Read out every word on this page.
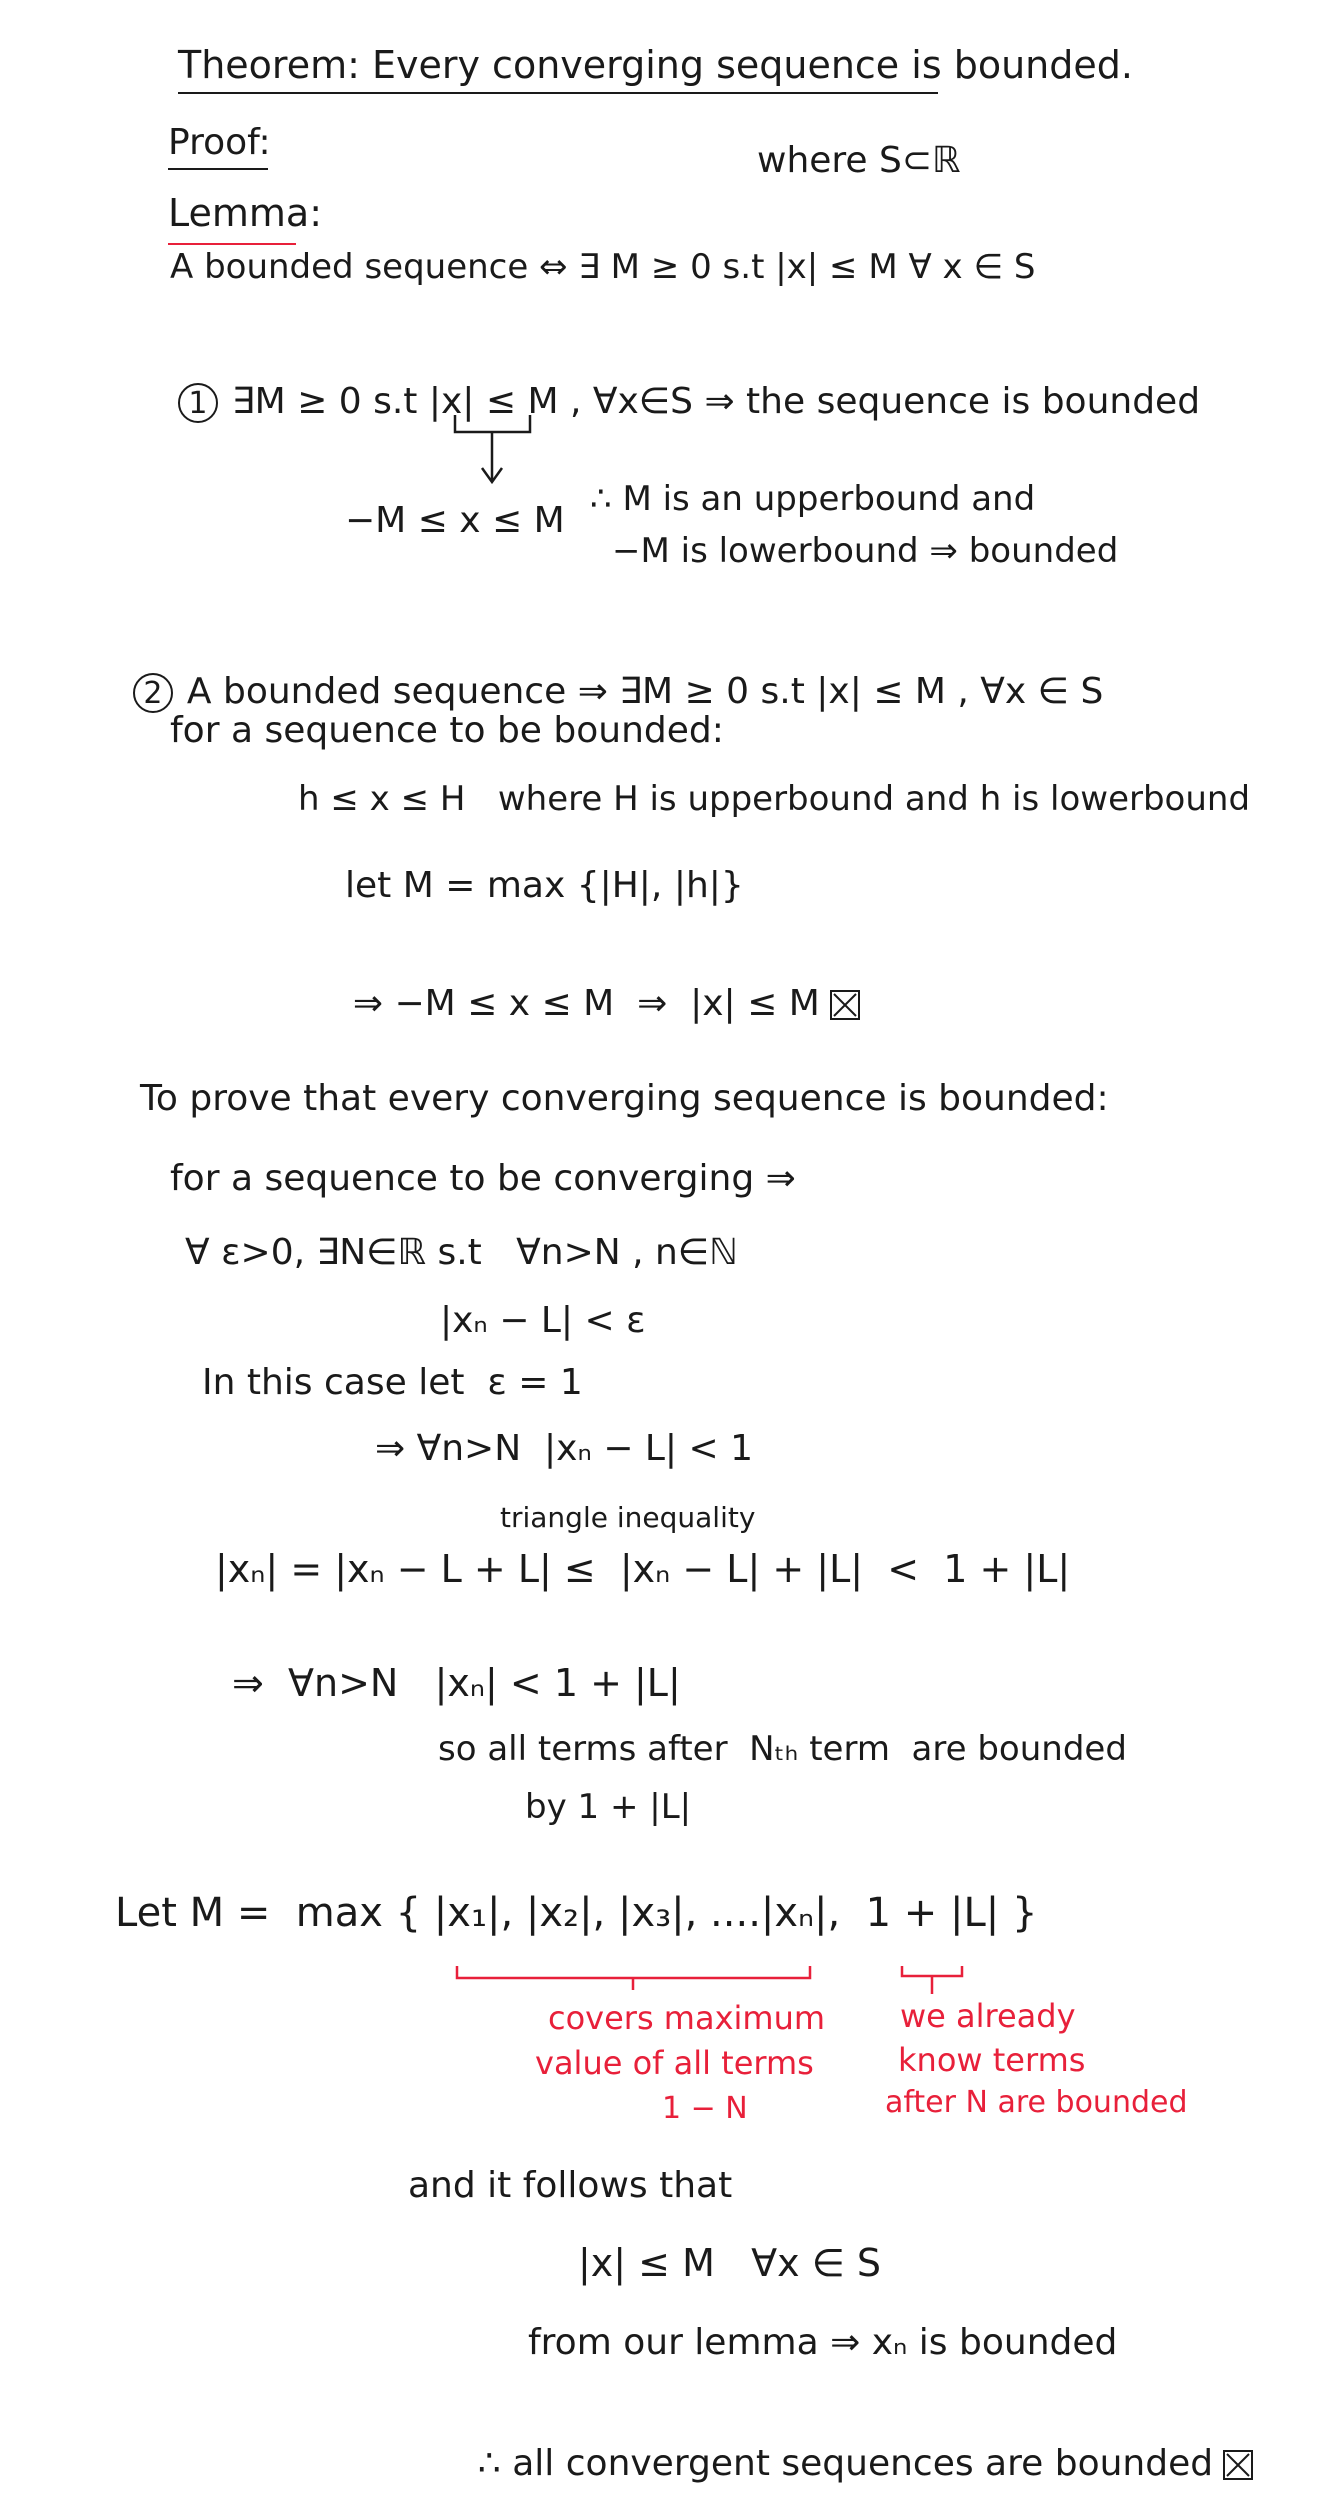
Theorem: Every converging sequence is bounded.
Proof:	where S⊂ℝ
Lemma:
A bounded sequence ⇔ ∃ M ≥ 0 s.t |x| ≤ M ∀ x ∈ S

1 ∃M ≥ 0 s.t |x| ≤ M , ∀x∈S ⇒ the sequence is bounded

−M ≤ x ≤ M
∴ M is an upperbound and
−M is lowerbound ⇒ bounded

2 A bounded sequence ⇒ ∃M ≥ 0 s.t |x| ≤ M , ∀x ∈ S

for a sequence to be bounded:
h ≤ x ≤ H   where H is upperbound and h is lowerbound
let M = max {|H|, |h|}

⇒ −M ≤ x ≤ M  ⇒  |x| ≤ M

To prove that every converging sequence is bounded:
for a sequence to be converging ⇒
∀ ε>0, ∃N∈ℝ s.t   ∀n>N , n∈ℕ
|xₙ − L| < ε
In this case let  ε = 1
⇒ ∀n>N  |xₙ − L| < 1
triangle inequality
|xₙ| = |xₙ − L + L| ≤  |xₙ − L| + |L|  <  1 + |L|
⇒  ∀n>N   |xₙ| < 1 + |L|
so all terms after  Nₜₕ term  are bounded
by 1 + |L|
Let M =  max { |x₁|, |x₂|, |x₃|, ....|xₙ|,  1 + |L| }
covers maximum
value of all terms
1 − N
we already
know terms
after N are bounded
and it follows that
|x| ≤ M   ∀x ∈ S
from our lemma ⇒ xₙ is bounded

∴ all convergent sequences are bounded
